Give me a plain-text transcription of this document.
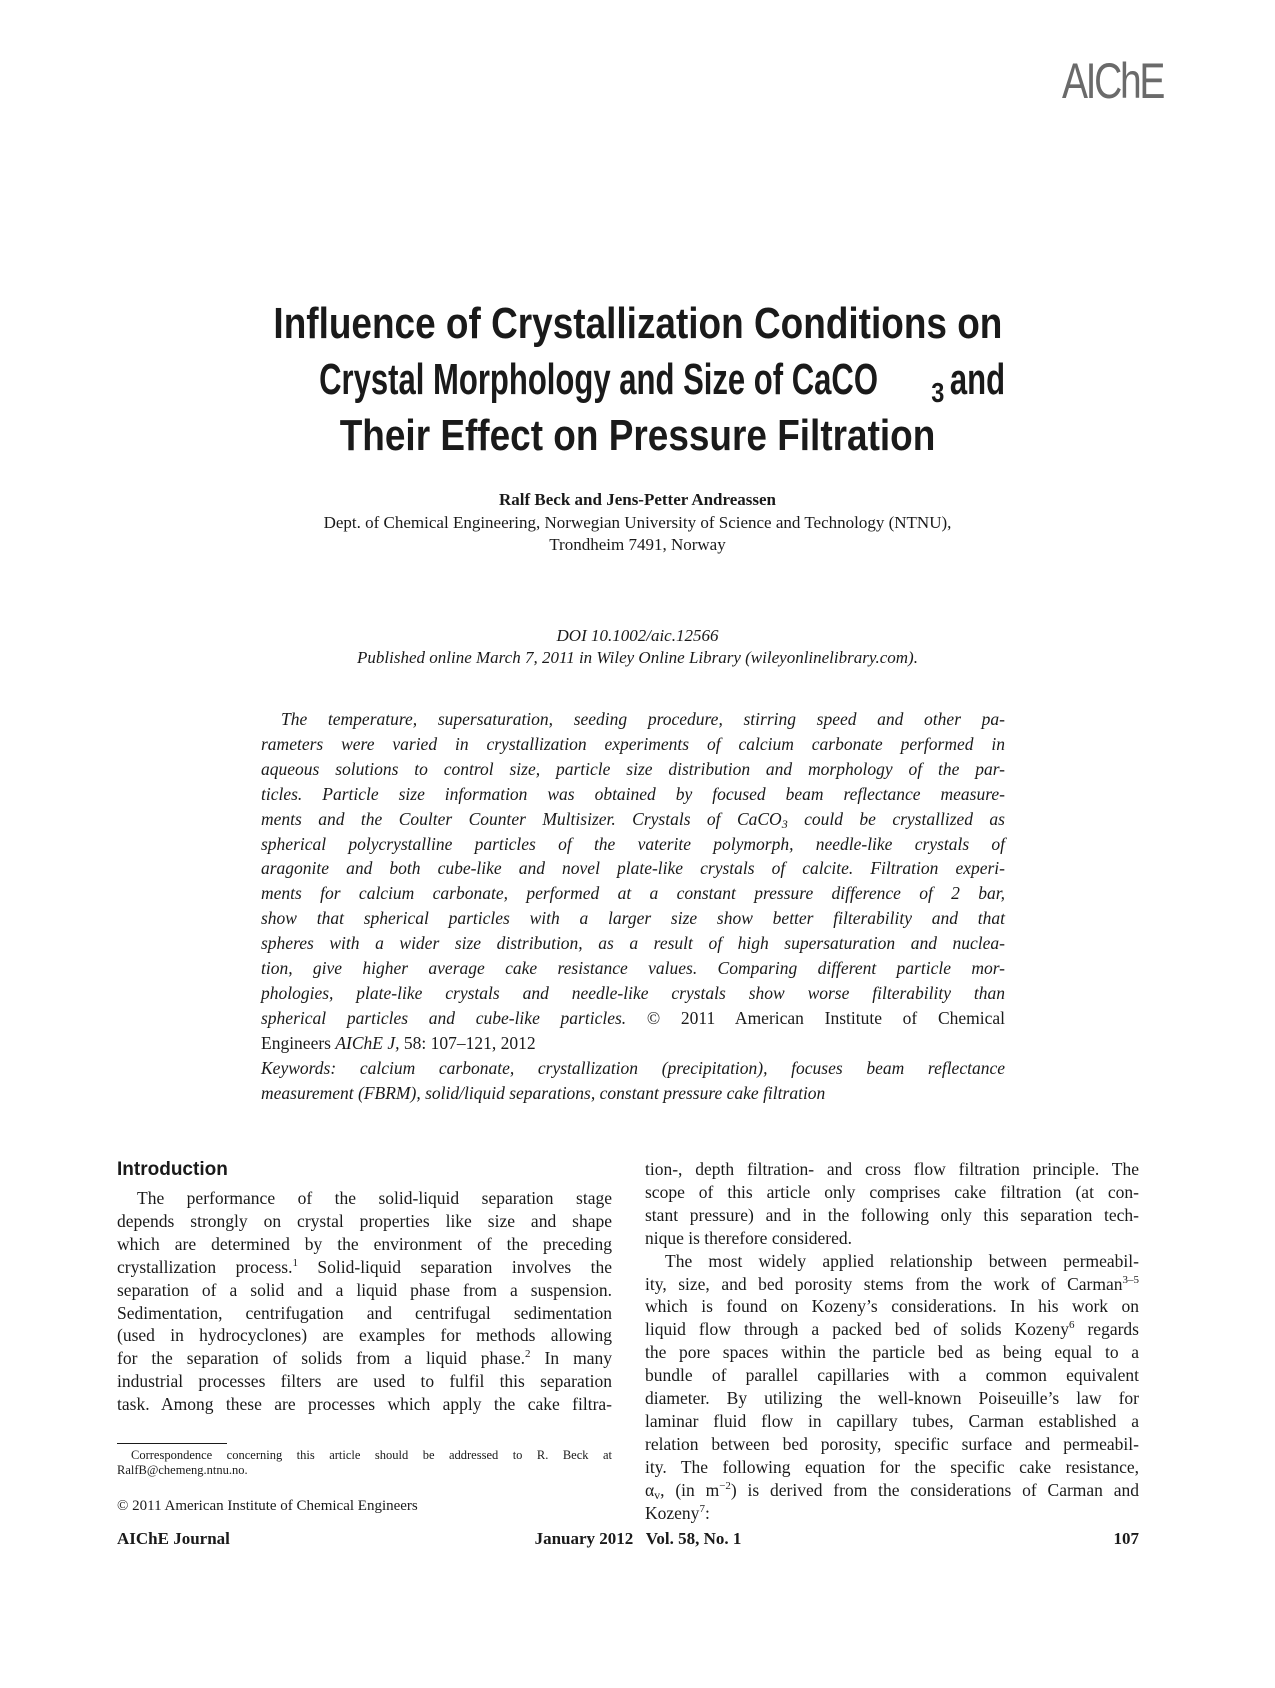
AIChE
Influence of Crystallization Conditions on
Crystal Morphology and Size of CaCO $_3$and
Their Effect on Pressure Filtration
Ralf Beck and Jens-Petter Andreassen
Dept. of Chemical Engineering, Norwegian University of Science and Technology (NTNU),
Trondheim 7491, Norway
DOI 10.1002/aic.12566
Published online March 7, 2011 in Wiley Online Library (wileyonlinelibrary.com).
The temperature, supersaturation, seeding procedure, stirring speed and other pa-
rameters were varied in crystallization experiments of calcium carbonate performed in
aqueous solutions to control size, particle size distribution and morphology of the par-
ticles. Particle size information was obtained by focused beam reflectance measure-
ments and the Coulter Counter Multisizer. Crystals of CaCO$_3$ could be crystallized as
spherical polycrystalline particles of the vaterite polymorph, needle-like crystals of
aragonite and both cube-like and novel plate-like crystals of calcite. Filtration experi-
ments for calcium carbonate, performed at a constant pressure difference of 2 bar,
show that spherical particles with a larger size show better filterability and that
spheres with a wider size distribution, as a result of high supersaturation and nuclea-
tion, give higher average cake resistance values. Comparing different particle mor-
phologies, plate-like crystals and needle-like crystals show worse filterability than
spherical particles and cube-like particles. © 2011 American Institute of Chemical
Engineers AIChE J, 58: 107–121, 2012
Keywords: calcium carbonate, crystallization (precipitation), focuses beam reflectance
measurement (FBRM), solid/liquid separations, constant pressure cake filtration
Introduction
The performance of the solid-liquid separation stage
depends strongly on crystal properties like size and shape
which are determined by the environment of the preceding
crystallization process.$^1$ Solid-liquid separation involves the
separation of a solid and a liquid phase from a suspension.
Sedimentation, centrifugation and centrifugal sedimentation
(used in hydrocyclones) are examples for methods allowing
for the separation of solids from a liquid phase.$^2$ In many
industrial processes filters are used to fulfil this separation
task. Among these are processes which apply the cake filtra-
tion-, depth filtration- and cross flow filtration principle. The
scope of this article only comprises cake filtration (at con-
stant pressure) and in the following only this separation tech-
nique is therefore considered.
The most widely applied relationship between permeabil-
ity, size, and bed porosity stems from the work of Carman$^{3-5}$
which is found on Kozeny’s considerations. In his work on
liquid flow through a packed bed of solids Kozeny$^6$ regards
the pore spaces within the particle bed as being equal to a
bundle of parallel capillaries with a common equivalent
diameter. By utilizing the well-known Poiseuille’s law for
laminar fluid flow in capillary tubes, Carman established a
relation between bed porosity, specific surface and permeabil-
ity. The following equation for the specific cake resistance,
$\alpha_v$, (in $m^{-2}$) is derived from the considerations of Carman and
Kozeny$^7$:
Correspondence concerning this article should be addressed to R. Beck at
RalfB@chemeng.ntnu.no.
© 2011 American Institute of Chemical Engineers
AIChE Journal	January 2012   Vol. 58, No. 1	107
